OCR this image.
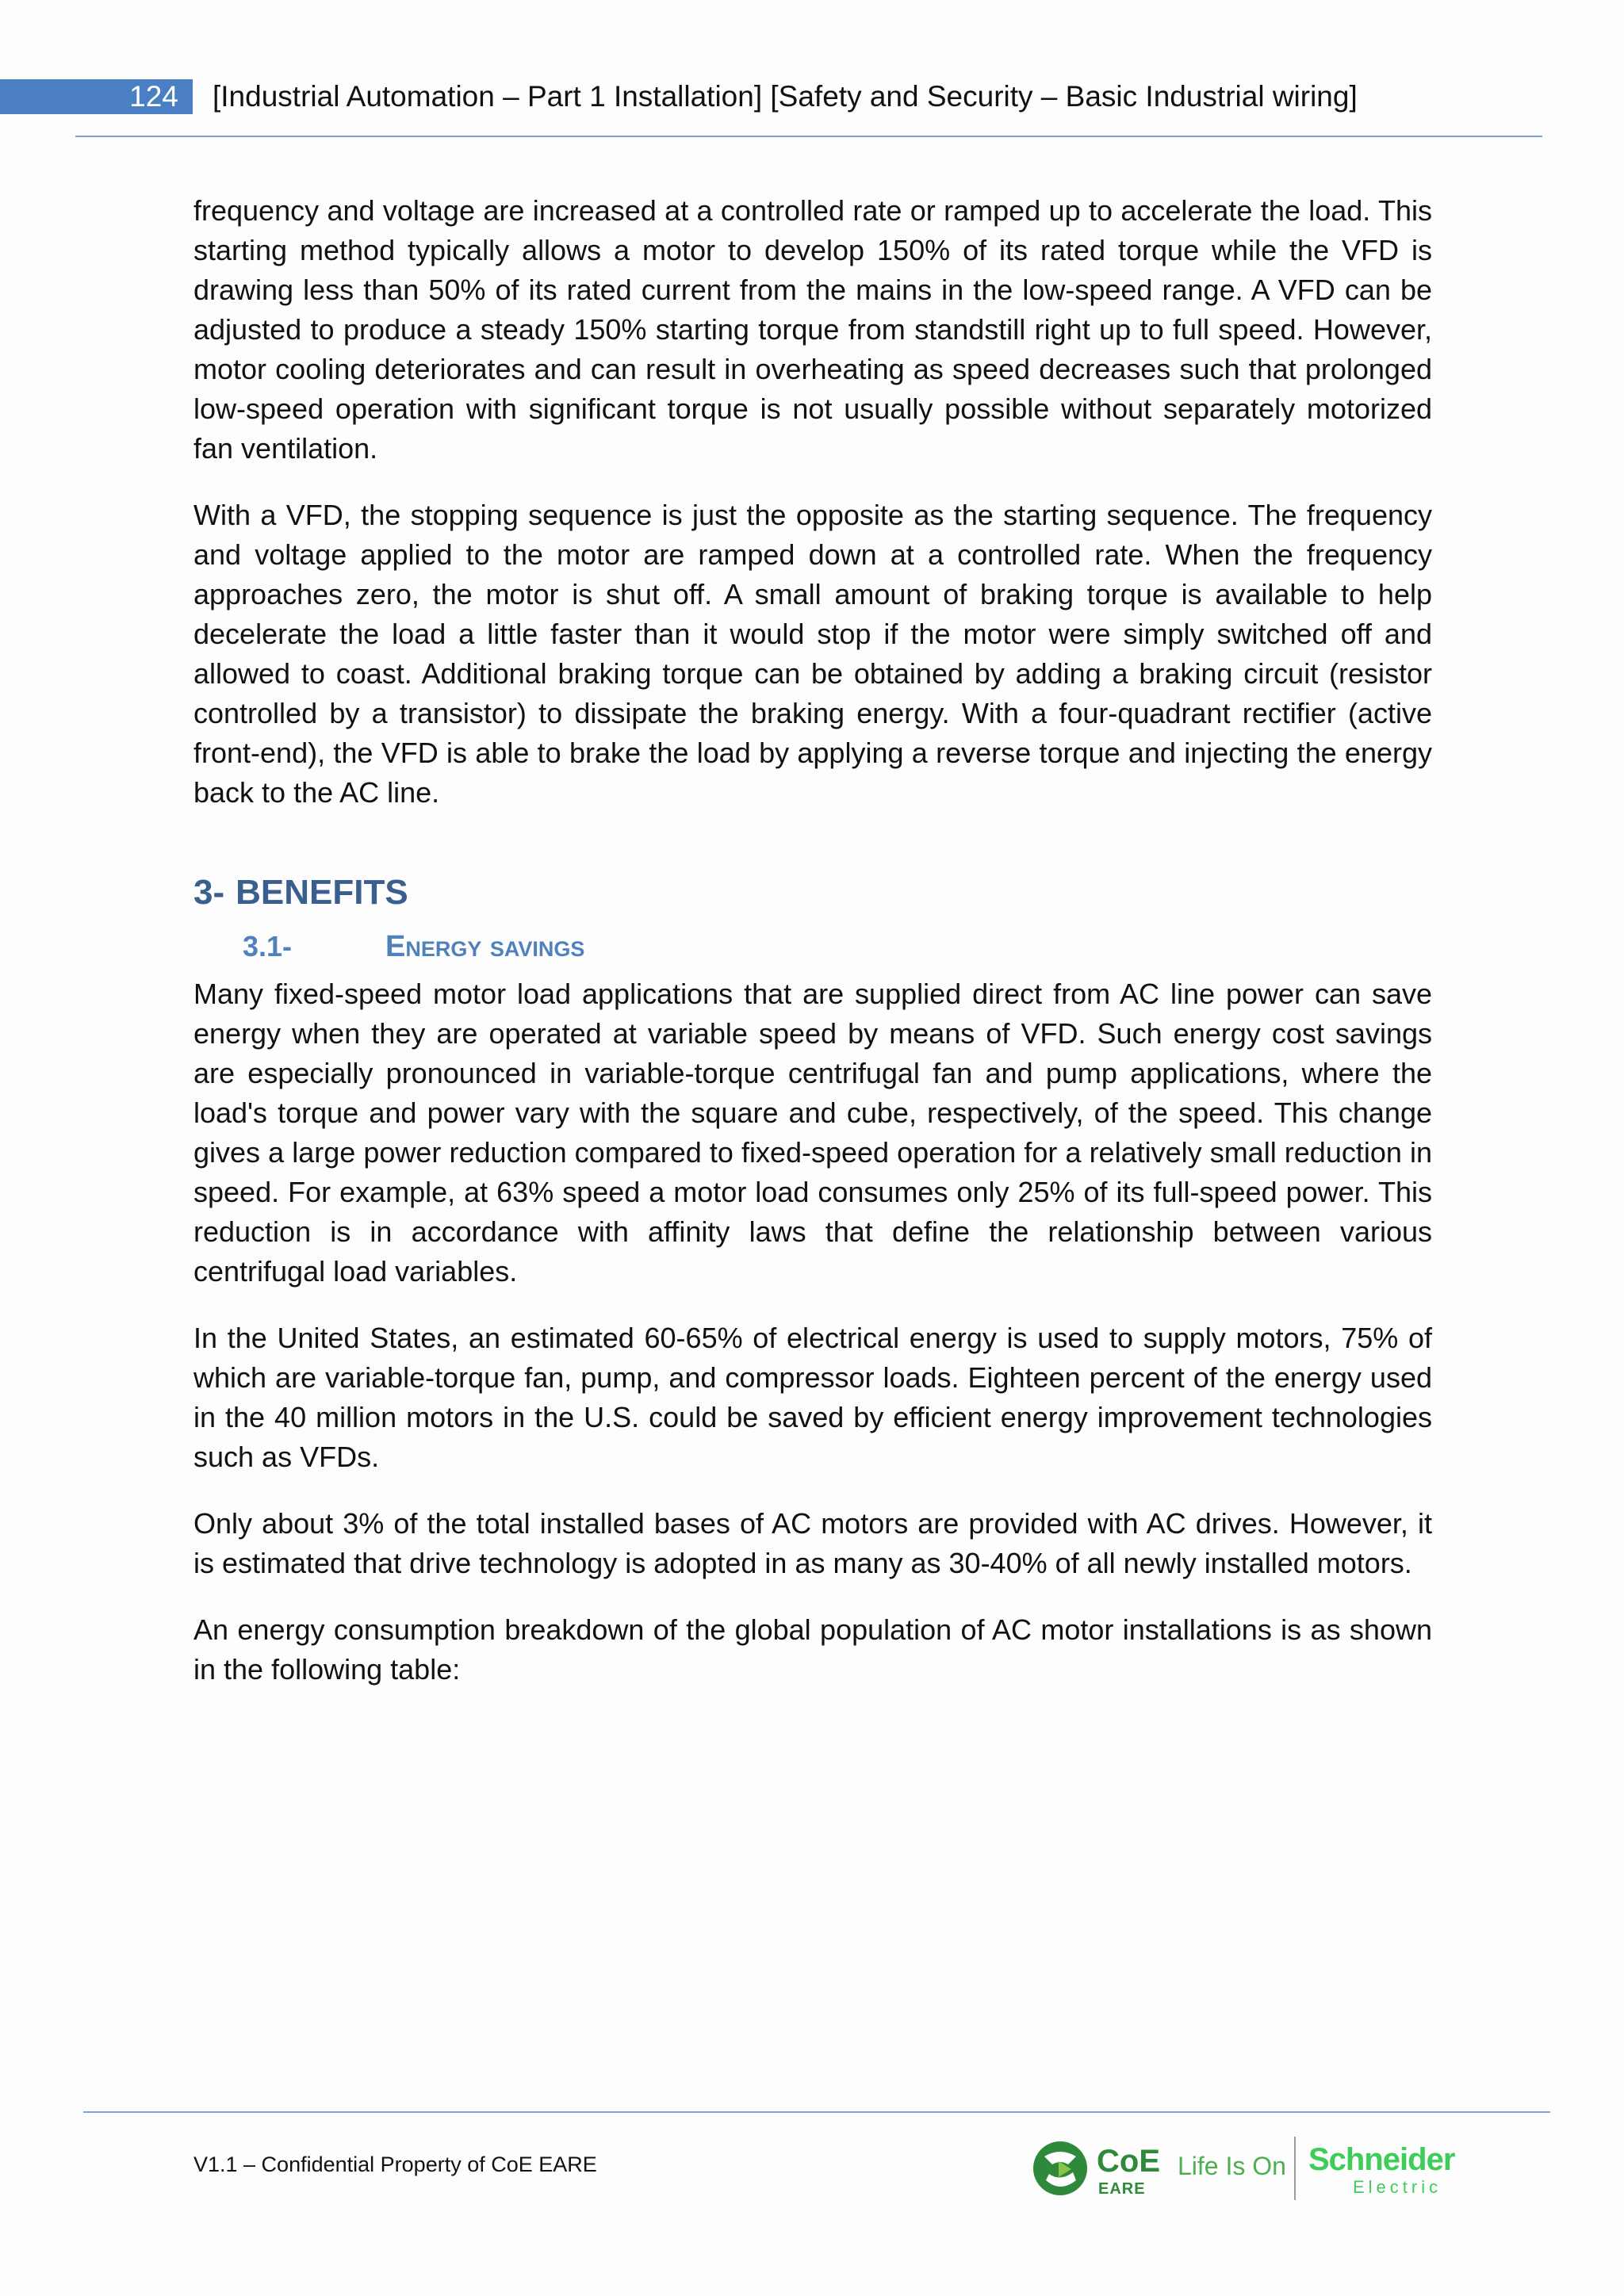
124	[Industrial Automation – Part 1 Installation] [Safety and Security – Basic Industrial wiring]

frequency and voltage are increased at a controlled rate or ramped up to accelerate the load. This starting method typically allows a motor to develop 150% of its rated torque while the VFD is drawing less than 50% of its rated current from the mains in the low-speed range. A VFD can be adjusted to produce a steady 150% starting torque from standstill right up to full speed. However, motor cooling deteriorates and can result in overheating as speed decreases such that prolonged low-speed operation with significant torque is not usually possible without separately motorized fan ventilation.

With a VFD, the stopping sequence is just the opposite as the starting sequence. The frequency and voltage applied to the motor are ramped down at a controlled rate. When the frequency approaches zero, the motor is shut off. A small amount of braking torque is available to help decelerate the load a little faster than it would stop if the motor were simply switched off and allowed to coast. Additional braking torque can be obtained by adding a braking circuit (resistor controlled by a transistor) to dissipate the braking energy. With a four-quadrant rectifier (active front-end), the VFD is able to brake the load by applying a reverse torque and injecting the energy back to the AC line.

3- BENEFITS
3.1-	Energy savings

Many fixed-speed motor load applications that are supplied direct from AC line power can save energy when they are operated at variable speed by means of VFD. Such energy cost savings are especially pronounced in variable-torque centrifugal fan and pump applications, where the load's torque and power vary with the square and cube, respectively, of the speed. This change gives a large power reduction compared to fixed-speed operation for a relatively small reduction in speed. For example, at 63% speed a motor load consumes only 25% of its full-speed power. This reduction is in accordance with affinity laws that define the relationship between various centrifugal load variables.

In the United States, an estimated 60-65% of electrical energy is used to supply motors, 75% of which are variable-torque fan, pump, and compressor loads. Eighteen percent of the energy used in the 40 million motors in the U.S. could be saved by efficient energy improvement technologies such as VFDs.

Only about 3% of the total installed bases of AC motors are provided with AC drives. However, it is estimated that drive technology is adopted in as many as 30-40% of all newly installed motors.

An energy consumption breakdown of the global population of AC motor installations is as shown in the following table:

V1.1 – Confidential Property of CoE EARE	CoE
EARE
Life Is On Schneider
Electric
